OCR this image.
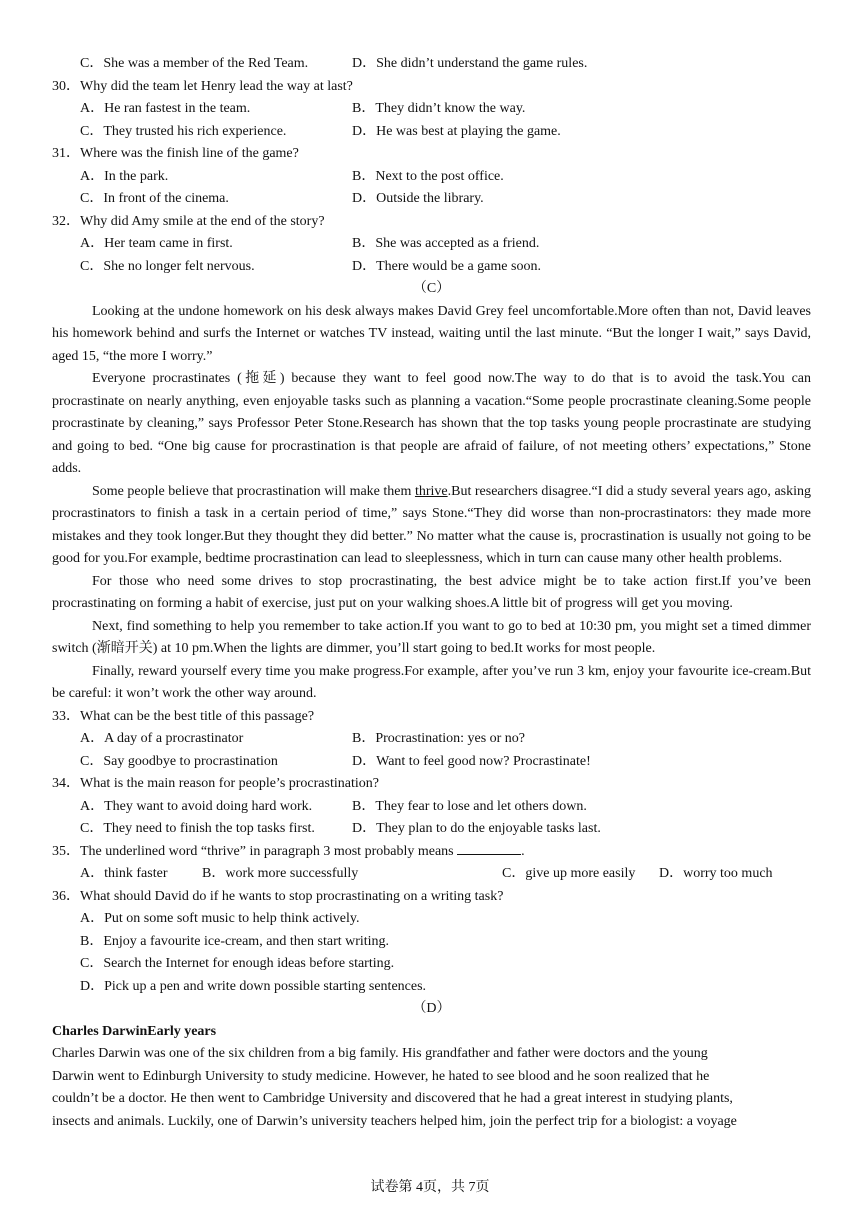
C．She was a member of the Red Team.	D．She didn’t understand the game rules.
30．Why did the team let Henry lead the way at last?
A．He ran fastest in the team.	B．They didn’t know the way.
C．They trusted his rich experience.	D．He was best at playing the game.
31．Where was the finish line of the game?
A．In the park.	B．Next to the post office.
C．In front of the cinema.	D．Outside the library.
32．Why did Amy smile at the end of the story?
A．Her team came in first.	B．She was accepted as a friend.
C．She no longer felt nervous.	D．There would be a game soon.
（C）

Looking at the undone homework on his desk always makes David Grey feel uncomfortable.More often than not, David leaves his homework behind and surfs the Internet or watches TV instead, waiting until the last minute. “But the longer I wait,” says David, aged 15, “the more I worry.”

Everyone procrastinates (拖延) because they want to feel good now.The way to do that is to avoid the task.You can procrastinate on nearly anything, even enjoyable tasks such as planning a vacation.“Some people procrastinate cleaning.Some people procrastinate by cleaning,” says Professor Peter Stone.Research has shown that the top tasks young people procrastinate are studying and going to bed. “One big cause for procrastination is that people are afraid of failure, of not meeting others’ expectations,” Stone adds.

Some people believe that procrastination will make them thrive.But researchers disagree.“I did a study several years ago, asking procrastinators to finish a task in a certain period of time,” says Stone.“They did worse than non-procrastinators: they made more mistakes and they took longer.But they thought they did better.” No matter what the cause is, procrastination is usually not going to be good for you.For example, bedtime procrastination can lead to sleeplessness, which in turn can cause many other health problems.

For those who need some drives to stop procrastinating, the best advice might be to take action first.If you’ve been procrastinating on forming a habit of exercise, just put on your walking shoes.A little bit of progress will get you moving.

Next, find something to help you remember to take action.If you want to go to bed at 10:30 pm, you might set a timed dimmer switch (渐暗开关) at 10 pm.When the lights are dimmer, you’ll start going to bed.It works for most people.

Finally, reward yourself every time you make progress.For example, after you’ve run 3 km, enjoy your favourite ice-cream.But be careful: it won’t work the other way around.

33．What can be the best title of this passage?
A．A day of a procrastinator	B．Procrastination: yes or no?
C．Say goodbye to procrastination	D．Want to feel good now? Procrastinate!
34．What is the main reason for people’s procrastination?
A．They want to avoid doing hard work.	B．They fear to lose and let others down.
C．They need to finish the top tasks first.	D．They plan to do the enjoyable tasks last.
35．The underlined word “thrive” in paragraph 3 most probably means	.
A．think faster	B．work more successfully	C．give up more easily	D．worry too much
36．What should David do if he wants to stop procrastinating on a writing task?
A．Put on some soft music to help think actively.
B．Enjoy a favourite ice-cream, and then start writing.
C．Search the Internet for enough ideas before starting.
D．Pick up a pen and write down possible starting sentences.
（D）
Charles DarwinEarly years
Charles Darwin was one of the six children from a big family. His grandfather and father were doctors and the young
Darwin went to Edinburgh University to study medicine. However, he hated to see blood and he soon realized that he
couldn’t be a doctor. He then went to Cambridge University and discovered that he had a great interest in studying plants,
insects and animals. Luckily, one of Darwin’s university teachers helped him, join the perfect trip for a biologist: a voyage
试卷第 4页，共 7页
